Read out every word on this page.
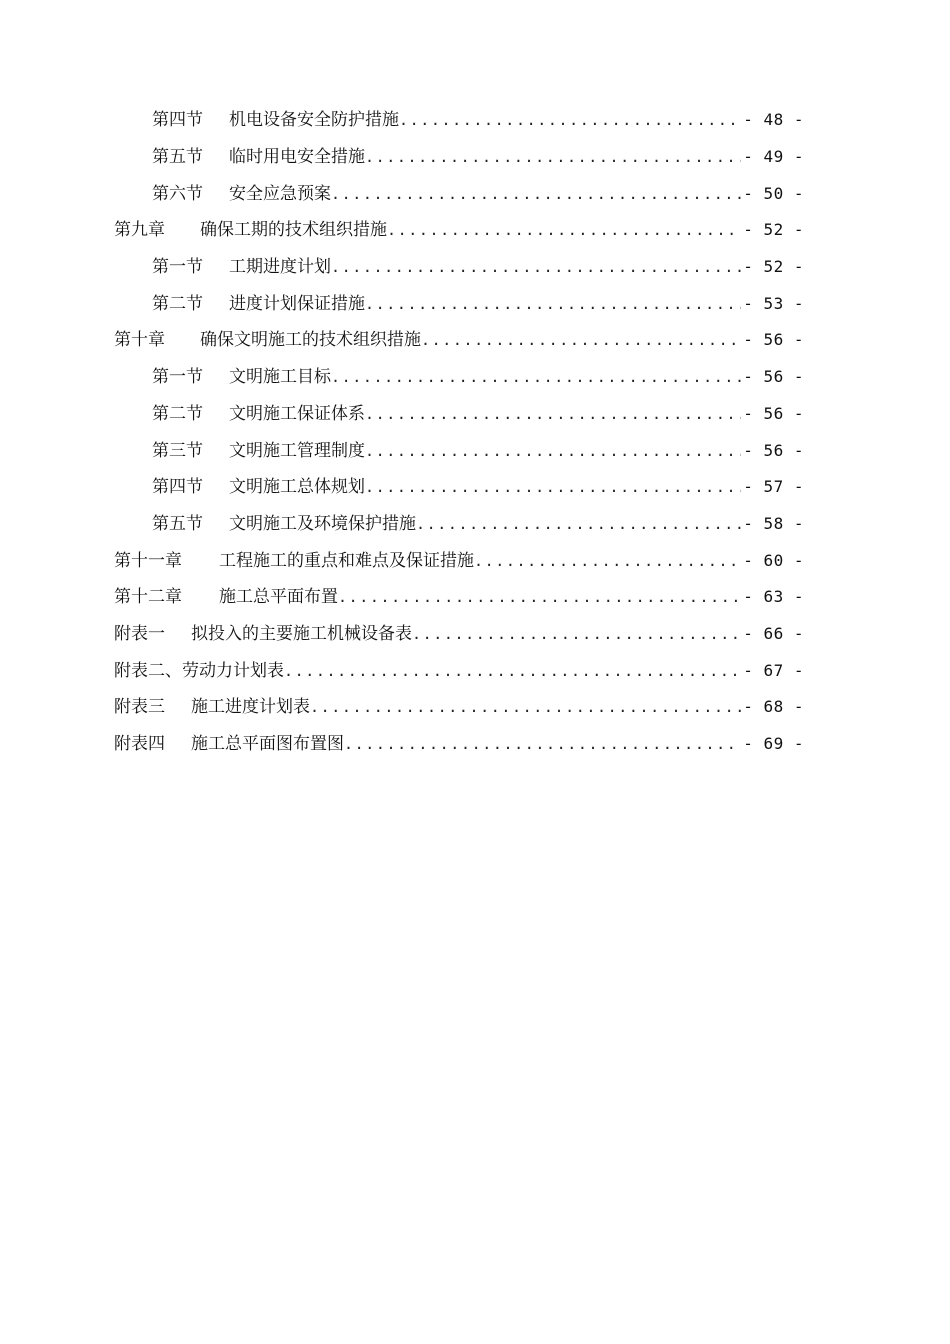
第四节	机电设备安全防护措施 .....	- 48 -
第五节	临时用电安全措施 .....	- 49 -
第六节	安全应急预案 .....	- 50 -
第九章	确保工期的技术组织措施 .....	- 52 -
第一节	工期进度计划 .....	- 52 -
第二节	进度计划保证措施 .....	- 53 -
第十章	确保文明施工的技术组织措施 .....	- 56 -
第一节	文明施工目标 .....	- 56 -
第二节	文明施工保证体系 .....	- 56 -
第三节	文明施工管理制度 .....	- 56 -
第四节	文明施工总体规划 .....	- 57 -
第五节	文明施工及环境保护措施 .....	- 58 -
第十一章	工程施工的重点和难点及保证措施 .....	- 60 -
第十二章	施工总平面布置 .....	- 63 -
附表一	拟投入的主要施工机械设备表 .....	- 66 -
附表二、劳动力计划表 .....	- 67 -
附表三	施工进度计划表 .....	- 68 -
附表四	施工总平面图布置图 .....	- 69 -
